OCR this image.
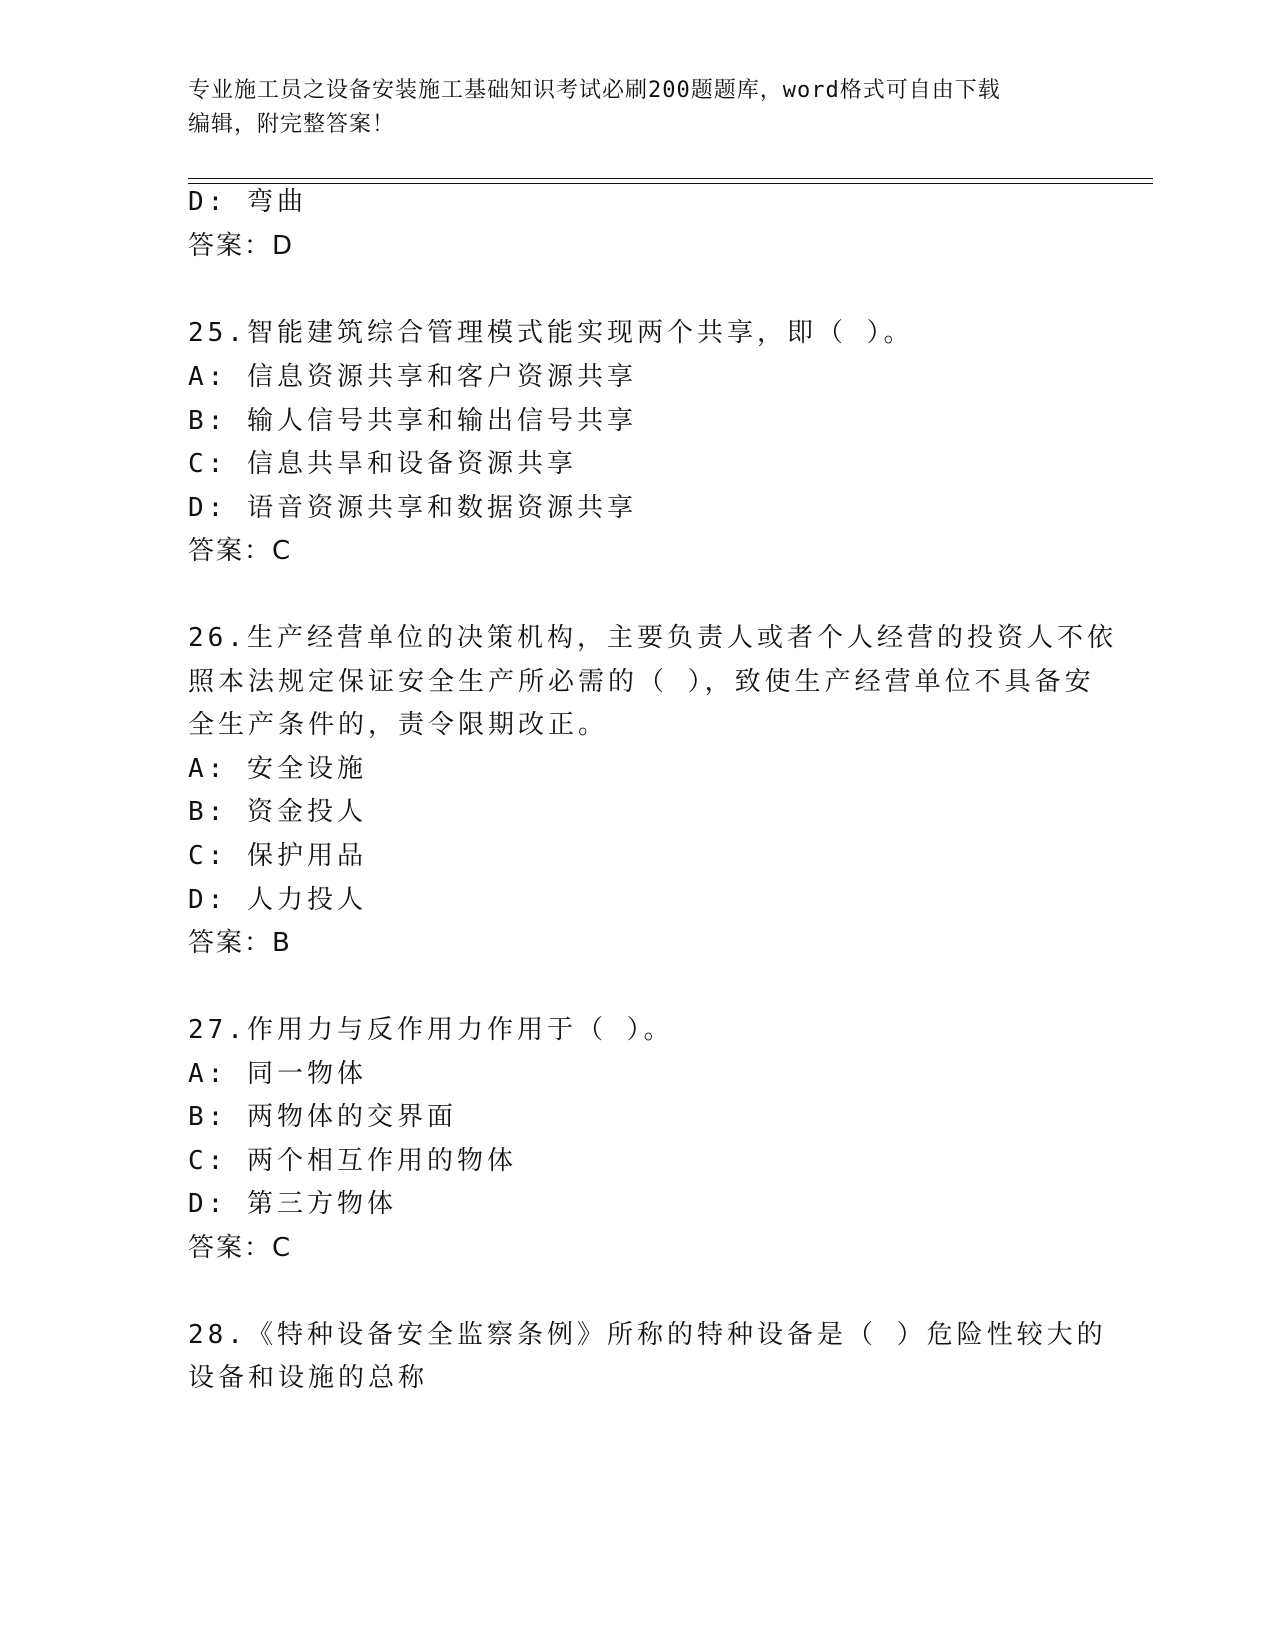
专业施工员之设备安装施工基础知识考试必刷200题题库，word格式可自由下载
编辑，附完整答案！
D: 弯曲
答案：D
25.智能建筑综合管理模式能实现两个共享，即（ ）。
A: 信息资源共享和客户资源共享
B: 输人信号共享和输出信号共享
C: 信息共旱和设备资源共享
D: 语音资源共享和数据资源共享
答案：C
26.生产经营单位的决策机构，主要负责人或者个人经营的投资人不依
照本法规定保证安全生产所必需的（ ），致使生产经营单位不具备安
全生产条件的，责令限期改正。
A: 安全设施
B: 资金投人
C: 保护用品
D: 人力投人
答案：B
27.作用力与反作用力作用于（ ）。
A: 同一物体
B: 两物体的交界面
C: 两个相互作用的物体
D: 第三方物体
答案：C
28.《特种设备安全监察条例》所称的特种设备是（ ）危险性较大的
设备和设施的总称
